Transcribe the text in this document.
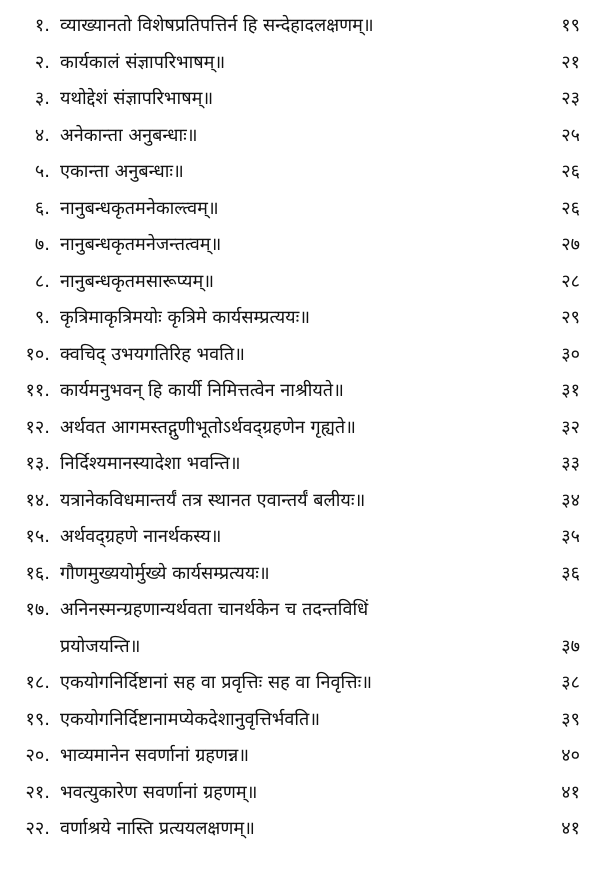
१. व्याख्यानतो विशेषप्रतिपत्तिर्न हि सन्देहादलक्षणम्॥	१९
२. कार्यकालं संज्ञापरिभाषम्॥	२१
३. यथोद्देशं संज्ञापरिभाषम्॥	२३
४. अनेकान्ता अनुबन्धाः॥	२५
५. एकान्ता अनुबन्धाः॥	२६
६. नानुबन्धकृतमनेकाल्त्वम्॥	२६
७. नानुबन्धकृतमनेजन्तत्वम्॥	२७
८. नानुबन्धकृतमसारूप्यम्॥	२८
९. कृत्रिमाकृत्रिमयोः कृत्रिमे कार्यसम्प्रत्ययः॥	२९
१०. क्वचिद् उभयगतिरिह भवति॥	३०
११. कार्यमनुभवन् हि कार्यी निमित्तत्वेन नाश्रीयते॥	३१
१२. अर्थवत आगमस्तद्गुणीभूतोऽर्थवद्ग्रहणेन गृह्यते॥	३२
१३. निर्दिश्यमानस्यादेशा भवन्ति॥	३३
१४. यत्रानेकविधमान्तर्यं तत्र स्थानत एवान्तर्यं बलीयः॥	३४
१५. अर्थवद्ग्रहणे नानर्थकस्य॥	३५
१६. गौणमुख्ययोर्मुख्ये कार्यसम्प्रत्ययः॥	३६
१७. अनिनस्मन्ग्रहणान्यर्थवता चानर्थकेन च तदन्तविधिं
प्रयोजयन्ति॥	३७
१८. एकयोगनिर्दिष्टानां सह वा प्रवृत्तिः सह वा निवृत्तिः॥	३८
१९. एकयोगनिर्दिष्टानामप्येकदेशानुवृत्तिर्भवति॥	३९
२०. भाव्यमानेन सवर्णानां ग्रहणन्न॥	४०
२१. भवत्युकारेण सवर्णानां ग्रहणम्॥	४१
२२. वर्णाश्रये नास्ति प्रत्ययलक्षणम्॥	४१
